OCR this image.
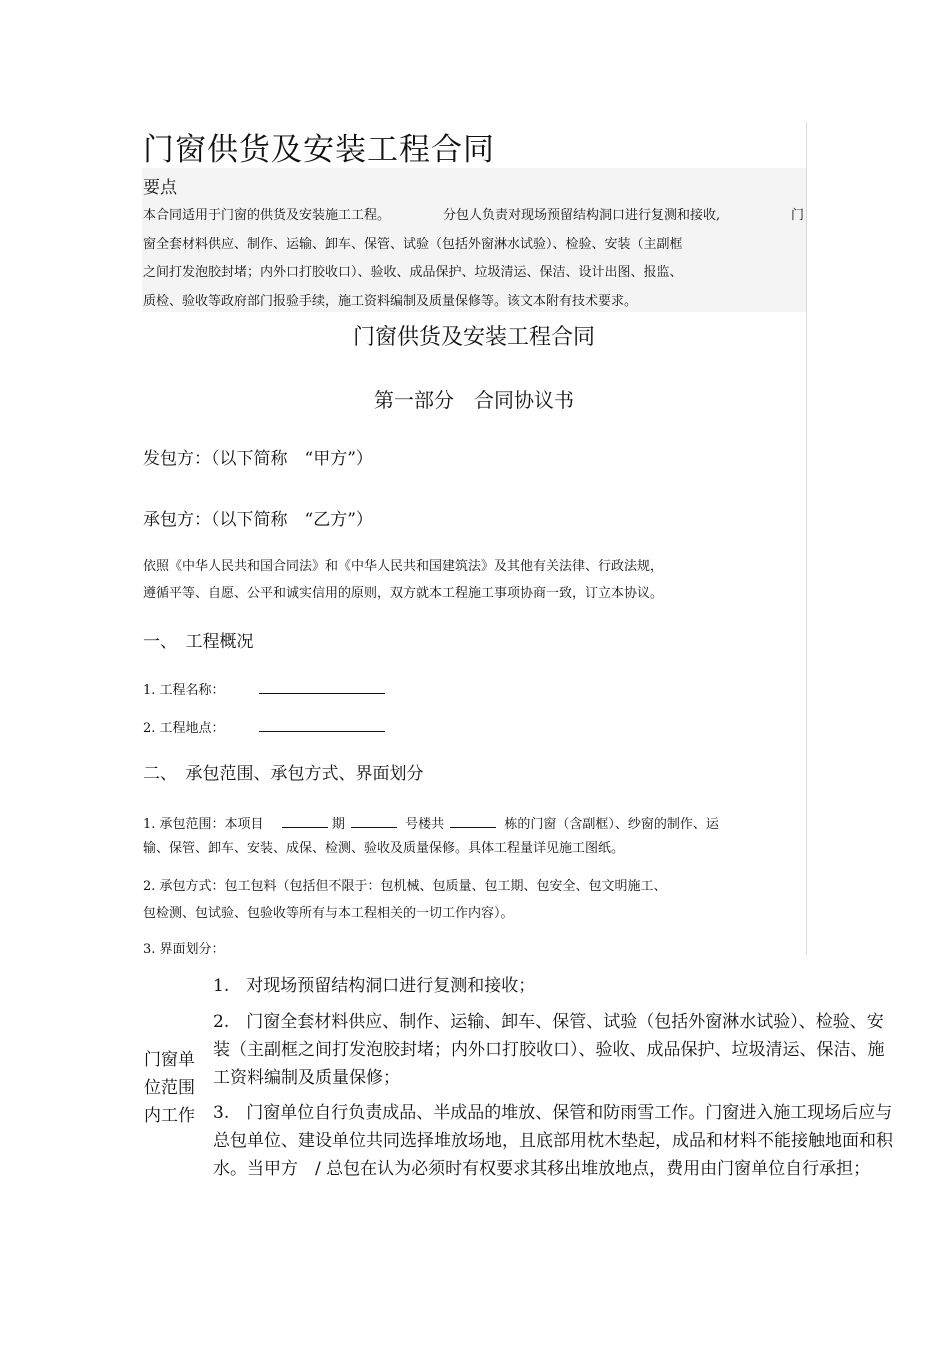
门窗供货及安装工程合同
要点
本合同适用于门窗的供货及安装施工工程。	分包人负责对现场预留结构洞口进行复测和接收,	门
窗全套材料供应、制作、运输、卸车、保管、试验（包括外窗淋水试验）、检验、安装（主副框
之间打发泡胶封堵；内外口打胶收口）、验收、成品保护、垃圾清运、保洁、设计出图、报监、
质检、验收等政府部门报验手续，施工资料编制及质量保修等。该文本附有技术要求。
门窗供货及安装工程合同
第一部分　合同协议书
发包方：（以下简称　“甲方”）
承包方：（以下简称　“乙方”）
依照《中华人民共和国合同法》和《中华人民共和国建筑法》及其他有关法律、行政法规，
遵循平等、自愿、公平和诚实信用的原则，双方就本工程施工事项协商一致，订立本协议。
一、　工程概况
1. 工程名称：
2. 工程地点：
二、　承包范围、承包方式、界面划分
1. 承包范围：本项目	期	号楼共	栋的门窗（含副框）、纱窗的制作、运
输、保管、卸车、安装、成保、检测、验收及质量保修。具体工程量详见施工图纸。
2. 承包方式：包工包料（包括但不限于：包机械、包质量、包工期、包安全、包文明施工、
包检测、包试验、包验收等所有与本工程相关的一切工作内容）。
3. 界面划分：
门窗单位范围内工作
1.　对现场预留结构洞口进行复测和接收；
2.　门窗全套材料供应、制作、运输、卸车、保管、试验（包括外窗淋水试验）、检验、安装（主副框之间打发泡胶封堵；内外口打胶收口）、验收、成品保护、垃圾清运、保洁、施工资料编制及质量保修；
3.　门窗单位自行负责成品、半成品的堆放、保管和防雨雪工作。门窗进入施工现场后应与总包单位、建设单位共同选择堆放场地，且底部用枕木垫起，成品和材料不能接触地面和积水。当甲方　/ 总包在认为必须时有权要求其移出堆放地点，费用由门窗单位自行承担；
